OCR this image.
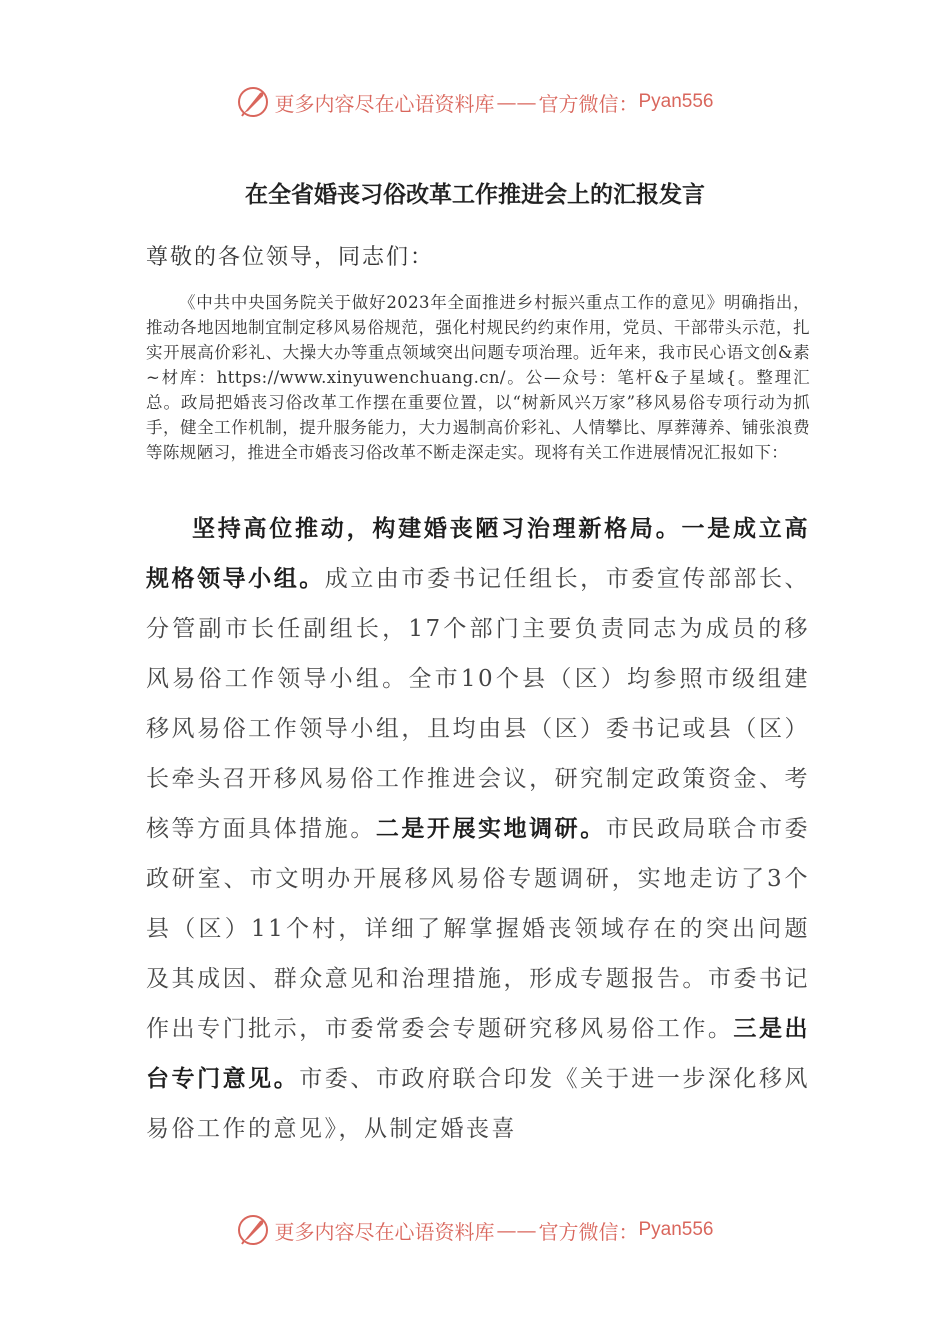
更多内容尽在心语资料库 —— 官方微信： Pyan556
在全省婚丧习俗改革工作推进会上的汇报发言
尊敬的各位领导，同志们：
《中共中央国务院关于做好2023年全面推进乡村振兴重点工作的意见》明确指出，推动各地因地制宜制定移风易俗规范，强化村规民约约束作用，党员、干部带头示范，扎实开展高价彩礼、大操大办等重点领域突出问题专项治理。近年来，我市民心语文创&素~材库：https://www.xinyuwenchuang.cn/。公—众号：笔杆&子星域{。整理汇总。政局把婚丧习俗改革工作摆在重要位置，以“树新风兴万家”移风易俗专项行动为抓手，健全工作机制，提升服务能力，大力遏制高价彩礼、人情攀比、厚葬薄养、铺张浪费等陈规陋习，推进全市婚丧习俗改革不断走深走实。现将有关工作进展情况汇报如下：
坚持高位推动，构建婚丧陋习治理新格局。一是成立高规格领导小组。成立由市委书记任组长，市委宣传部部长、分管副市长任副组长，17个部门主要负责同志为成员的移风易俗工作领导小组。全市10个县（区）均参照市级组建移风易俗工作领导小组，且均由县（区）委书记或县（区）长牵头召开移风易俗工作推进会议，研究制定政策资金、考核等方面具体措施。二是开展实地调研。市民政局联合市委政研室、市文明办开展移风易俗专题调研，实地走访了3个县（区）11个村，详细了解掌握婚丧领域存在的突出问题及其成因、群众意见和治理措施，形成专题报告。市委书记作出专门批示，市委常委会专题研究移风易俗工作。三是出台专门意见。市委、市政府联合印发《关于进一步深化移风易俗工作的意见》，从制定婚丧喜
更多内容尽在心语资料库 —— 官方微信： Pyan556
